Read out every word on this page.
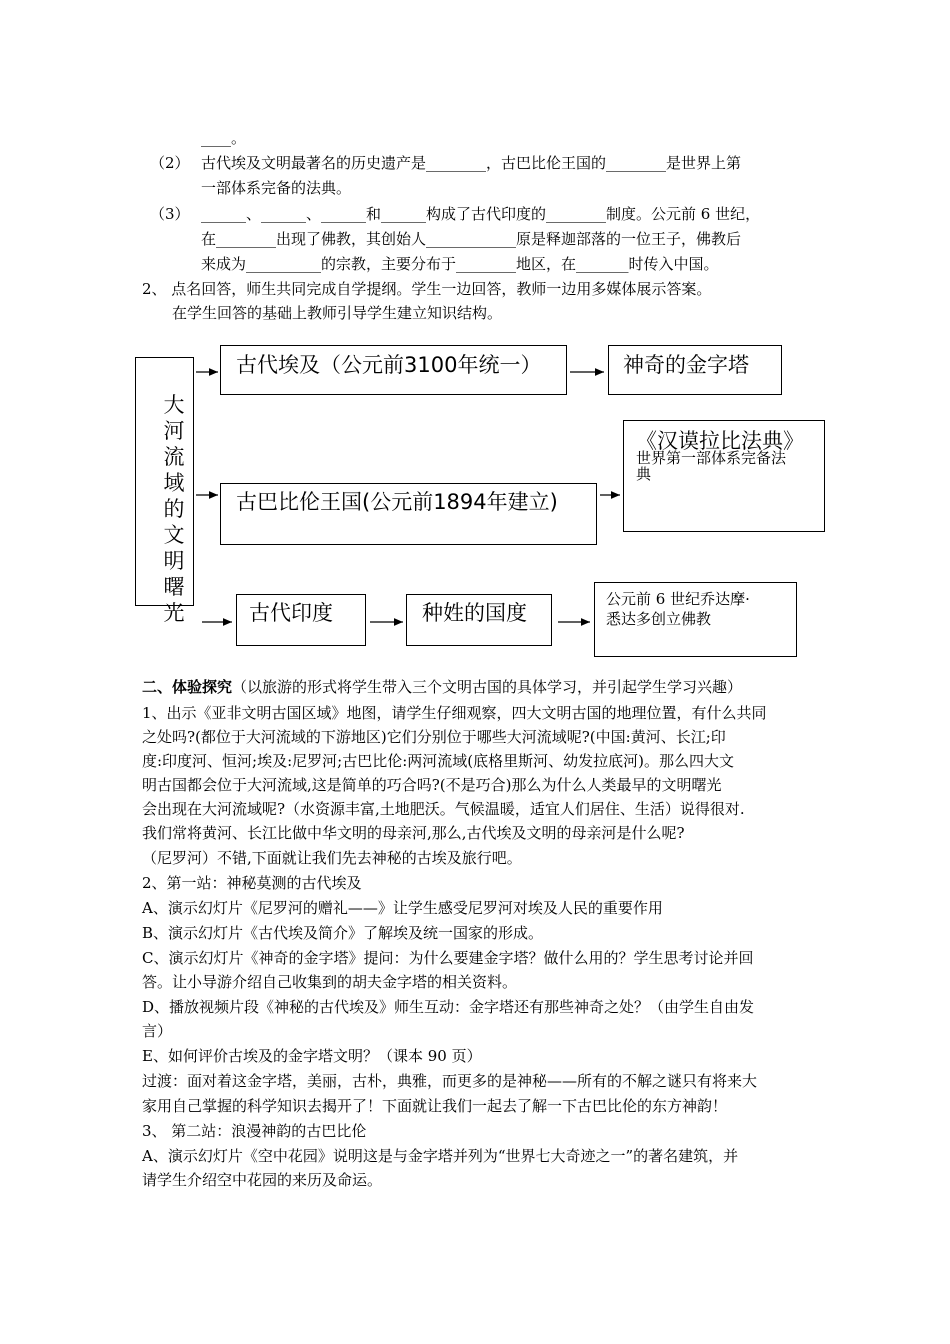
____。
（2） 古代埃及文明最著名的历史遗产是________，古巴比伦王国的________是世界上第
一部体系完备的法典。
（3） ______、______、______和______构成了古代印度的________制度。公元前 6 世纪，
在________出现了佛教，其创始人____________原是释迦部落的一位王子，佛教后
来成为__________的宗教，主要分布于________地区，在_______时传入中国。
2、 点名回答，师生共同完成自学提纲。学生一边回答，教师一边用多媒体展示答案。
在学生回答的基础上教师引导学生建立知识结构。
大河流域的文明曙光
古代埃及（公元前3100年统一）	神奇的金字塔
古巴比伦王国(公元前1894年建立)
《汉谟拉比法典》
世界第一部体系完备法
典
古代印度	种姓的国度
公元前 6 世纪乔达摩·
悉达多创立佛教
二、体验探究（以旅游的形式将学生带入三个文明古国的具体学习，并引起学生学习兴趣）
1、出示《亚非文明古国区域》地图，请学生仔细观察，四大文明古国的地理位置，有什么共同
之处吗?(都位于大河流域的下游地区)它们分别位于哪些大河流域呢?(中国:黄河、长江;印
度:印度河、恒河;埃及:尼罗河;古巴比伦:两河流域(底格里斯河、幼发拉底河)。那么四大文
明古国都会位于大河流域,这是简单的巧合吗?(不是巧合)那么为什么人类最早的文明曙光
会出现在大河流域呢?（水资源丰富,土地肥沃。气候温暖，适宜人们居住、生活）说得很对.
我们常将黄河、长江比做中华文明的母亲河,那么,古代埃及文明的母亲河是什么呢?
（尼罗河）不错,下面就让我们先去神秘的古埃及旅行吧。
2、第一站：神秘莫测的古代埃及
A、演示幻灯片《尼罗河的赠礼——》让学生感受尼罗河对埃及人民的重要作用
B、演示幻灯片《古代埃及简介》了解埃及统一国家的形成。
C、演示幻灯片《神奇的金字塔》提问：为什么要建金字塔？做什么用的？学生思考讨论并回
答。让小导游介绍自己收集到的胡夫金字塔的相关资料。
D、播放视频片段《神秘的古代埃及》师生互动：金字塔还有那些神奇之处？（由学生自由发
言）
E、如何评价古埃及的金字塔文明？（课本 90 页）
过渡：面对着这金字塔，美丽，古朴，典雅，而更多的是神秘——所有的不解之谜只有将来大
家用自己掌握的科学知识去揭开了！下面就让我们一起去了解一下古巴比伦的东方神韵！
3、 第二站：浪漫神韵的古巴比伦
A、演示幻灯片《空中花园》说明这是与金字塔并列为“世界七大奇迹之一”的著名建筑，并
请学生介绍空中花园的来历及命运。
